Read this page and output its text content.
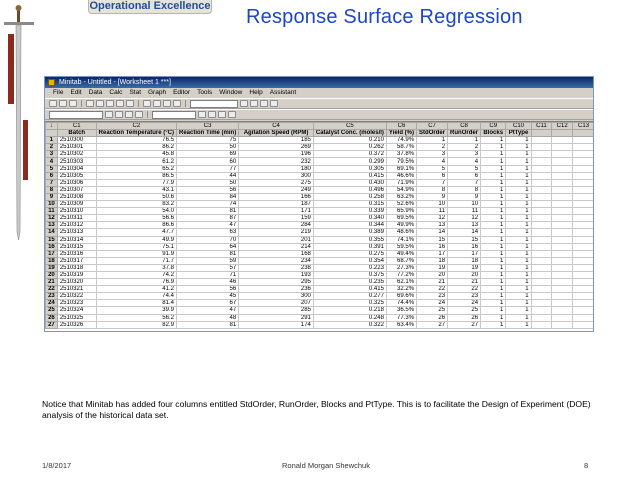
Operational Excellence Response Surface Regression
Minitab - Untitled - [Worksheet 1 ***]
File Edit Data Calc Stat Graph Editor Tools Window Help Assistant
↓	C1	C2	C3	C4	C5	C6	C7	C8	C9	C10	C11	C12	C13
	Batch	Reaction Temperature (°C)	Reaction Time (min)	Agitation Speed (RPM)	Catalyst Conc. (moles/l)	Yield (%)	StdOrder	RunOrder	Blocks	PtType			
1	2510300	76.5	75	185	0.210	74.9%	1	1	1	1			
2	2510301	86.2	50	269	0.262	58.7%	2	2	1	1			
3	2510302	45.8	69	196	0.372	37.8%	3	3	1	1			
4	2510303	61.2	60	232	0.299	79.5%	4	4	1	1			
5	2510304	65.2	77	180	0.305	69.1%	5	5	1	1			
6	2510305	86.5	44	300	0.415	46.6%	6	6	1	1			
7	2510306	77.9	50	275	0.430	71.9%	7	7	1	1			
8	2510307	43.1	56	249	0.496	54.9%	8	8	1	1			
9	2510308	50.6	84	166	0.258	63.2%	9	9	1	1			
10	2510309	83.2	74	187	0.315	52.6%	10	10	1	1			
11	2510310	54.0	81	171	0.339	65.9%	11	11	1	1			
12	2510311	56.6	87	159	0.340	69.5%	12	12	1	1			
13	2510312	86.6	47	284	0.344	49.9%	13	13	1	1			
14	2510313	47.7	63	219	0.389	48.6%	14	14	1	1			
15	2510314	49.9	70	201	0.355	74.1%	15	15	1	1			
16	2510315	75.1	64	214	0.391	59.5%	16	16	1	1			
17	2510316	91.9	81	168	0.275	49.4%	17	17	1	1			
18	2510317	71.7	59	234	0.354	68.7%	18	18	1	1			
19	2510318	37.8	57	238	0.223	27.3%	19	19	1	1			
20	2510319	74.2	71	193	0.375	77.2%	20	20	1	1			
21	2510320	76.9	46	295	0.235	62.1%	21	21	1	1			
22	2510321	41.2	56	236	0.415	32.2%	22	22	1	1			
23	2510322	74.4	45	300	0.277	69.6%	23	23	1	1			
24	2510323	81.4	67	207	0.325	74.4%	24	24	1	1			
25	2510324	39.9	47	285	0.218	36.5%	25	25	1	1			
26	2510325	56.2	48	291	0.248	77.3%	26	26	1	1			
27	2510326	82.9	81	174	0.322	63.4%	27	27	1	1			
Notice that Minitab has added four columns entitled StdOrder, RunOrder, Blocks and PtType. This is to facilitate the Design of Experiment (DOE) analysis of the historical data set.
1/8/2017	Ronald Morgan Shewchuk	8
